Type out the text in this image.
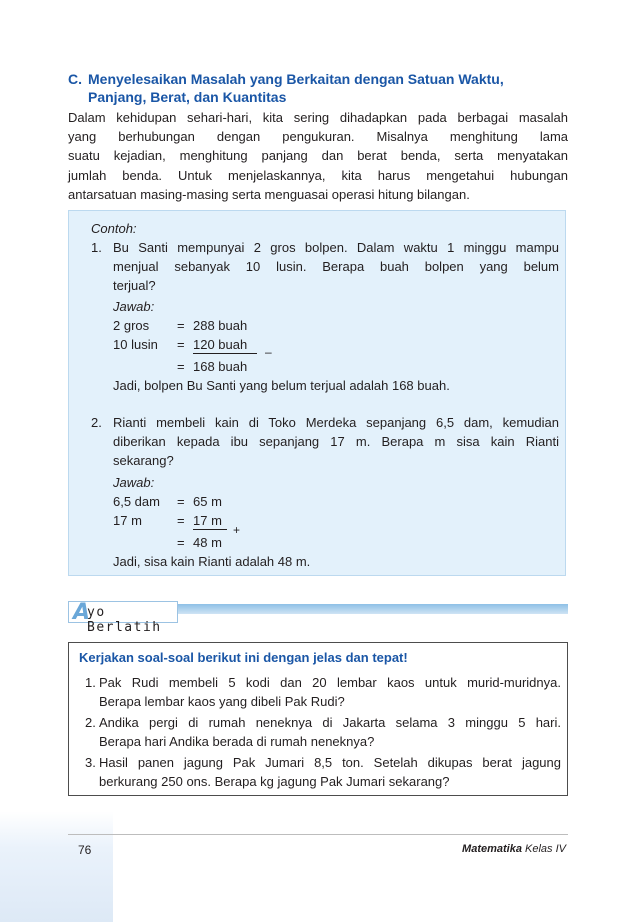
C. Menyelesaikan Masalah yang Berkaitan dengan Satuan Waktu,
Panjang, Berat, dan Kuantitas
Dalam kehidupan sehari-hari, kita sering dihadapkan pada berbagai masalah
yang berhubungan dengan pengukuran. Misalnya menghitung lama
suatu kejadian, menghitung panjang dan berat benda, serta menyatakan
jumlah benda. Untuk menjelaskannya, kita harus mengetahui hubungan
antarsatuan masing-masing serta menguasai operasi hitung bilangan.
Contoh:
1. Bu Santi mempunyai 2 gros bolpen. Dalam waktu 1 minggu mampu
menjual sebanyak 10 lusin. Berapa buah bolpen yang belum
terjual?
Jawab:
2 gros = 288 buah
10 lusin = 120 buah –
= 168 buah
Jadi, bolpen Bu Santi yang belum terjual adalah 168 buah.
2. Rianti membeli kain di Toko Merdeka sepanjang 6,5 dam, kemudian
diberikan kepada ibu sepanjang 17 m. Berapa m sisa kain Rianti
sekarang?
Jawab:
6,5 dam = 65 m
17 m	= 17 m
+
= 48 m
Jadi, sisa kain Rianti adalah 48 m.
A
yo Berlatih
Kerjakan soal-soal berikut ini dengan jelas dan tepat!
1. Pak Rudi membeli 5 kodi dan 20 lembar kaos untuk murid-muridnya.
Berapa lembar kaos yang dibeli Pak Rudi?
2. Andika pergi di rumah neneknya di Jakarta selama 3 minggu 5 hari.
Berapa hari Andika berada di rumah neneknya?
3. Hasil panen jagung Pak Jumari 8,5 ton. Setelah dikupas berat jagung
berkurang 250 ons. Berapa kg jagung Pak Jumari sekarang?
76	Matematika Kelas IV
